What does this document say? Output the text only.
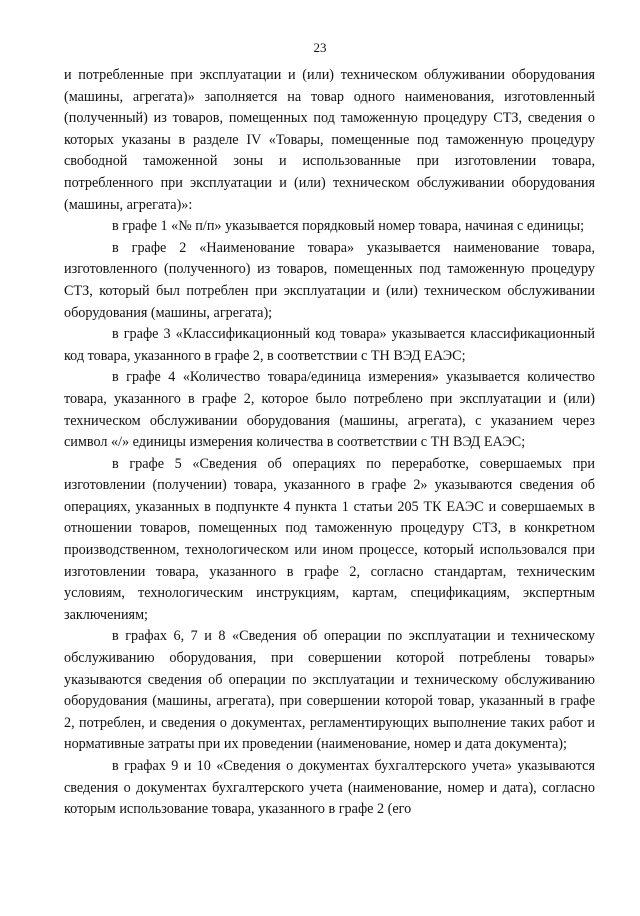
23

и потребленные при эксплуатации и (или) техническом облуживании оборудования (машины, агрегата)» заполняется на товар одного наименования, изготовленный (полученный) из товаров, помещенных под таможенную процедуру СТЗ, сведения о которых указаны в разделе IV «Товары, помещенные под таможенную процедуру свободной таможенной зоны и использованные при изготовлении товара, потребленного при эксплуатации и (или) техническом обслуживании оборудования (машины, агрегата)»:

в графе 1 «№ п/п» указывается порядковый номер товара, начиная с единицы;

в графе 2 «Наименование товара» указывается наименование товара, изготовленного (полученного) из товаров, помещенных под таможенную процедуру СТЗ, который был потреблен при эксплуатации и (или) техническом обслуживании оборудования (машины, агрегата);

в графе 3 «Классификационный код товара» указывается классификационный код товара, указанного в графе 2, в соответствии с ТН ВЭД ЕАЭС;

в графе 4 «Количество товара/единица измерения» указывается количество товара, указанного в графе 2, которое было потреблено при эксплуатации и (или) техническом обслуживании оборудования (машины, агрегата), с указанием через символ «/» единицы измерения количества в соответствии с ТН ВЭД ЕАЭС;

в графе 5 «Сведения об операциях по переработке, совершаемых при изготовлении (получении) товара, указанного в графе 2» указываются сведения об операциях, указанных в подпункте 4 пункта 1 статьи 205 ТК ЕАЭС и совершаемых в отношении товаров, помещенных под таможенную процедуру СТЗ, в конкретном производственном, технологическом или ином процессе, который использовался при изготовлении товара, указанного в графе 2, согласно стандартам, техническим условиям, технологическим инструкциям, картам, спецификациям, экспертным заключениям;

в графах 6, 7 и 8 «Сведения об операции по эксплуатации и техническому обслуживанию оборудования, при совершении которой потреблены товары» указываются сведения об операции по эксплуатации и техническому обслуживанию оборудования (машины, агрегата), при совершении которой товар, указанный в графе 2, потреблен, и сведения о документах, регламентирующих выполнение таких работ и нормативные затраты при их проведении (наименование, номер и дата документа);

в графах 9 и 10 «Сведения о документах бухгалтерского учета» указываются сведения о документах бухгалтерского учета (наименование, номер и дата), согласно которым использование товара, указанного в графе 2 (его
